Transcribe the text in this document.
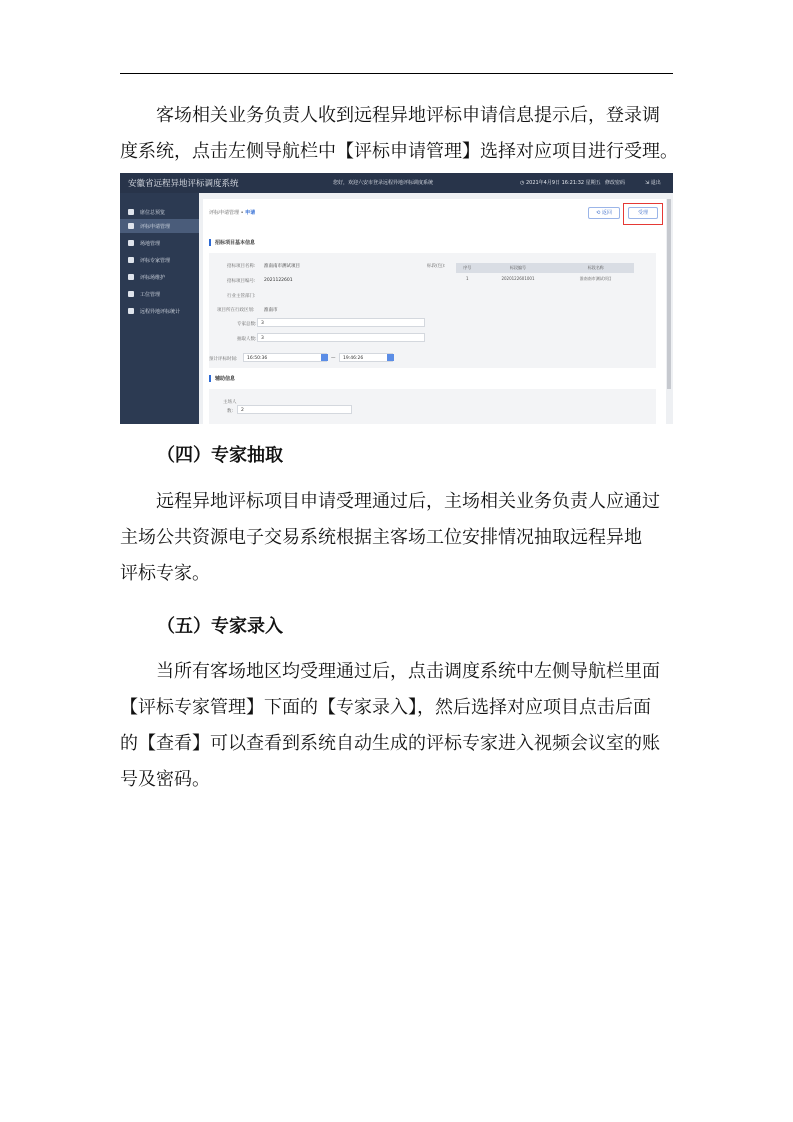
客场相关业务负责人收到远程异地评标申请信息提示后，登录调
度系统，点击左侧导航栏中【评标申请管理】选择对应项目进行受理。

安徽省远程异地评标调度系统	您好，欢迎六安市登录远程异地评标调度系统	◷ 2021年4月9日 16:21:32 星期五 修改密码	⇲ 退出
席位总预览
评标申请管理
场地管理
评标专家管理
评标场维护
工位管理
远程异地评标统计
评标申请管理 • 申请	⟲ 返回	受理
招标项目基本信息
招标项目名称: 淮南南市测试项目
招标项目编号: 2021122601
行业主管部门:
项目所在行政区划: 淮南市
专家总数: 3
抽取人数: 3
标段(包):
预计评标时间:	16:50:36	—	19:46:26
序号	标段编号	标段名称
1	2020122601001	淮南南市测试项目
辅助信息
主场人
数:	2
（四）专家抽取

远程异地评标项目申请受理通过后，主场相关业务负责人应通过
主场公共资源电子交易系统根据主客场工位安排情况抽取远程异地
评标专家。

（五）专家录入

当所有客场地区均受理通过后，点击调度系统中左侧导航栏里面
【评标专家管理】下面的【专家录入】，然后选择对应项目点击后面
的【查看】可以查看到系统自动生成的评标专家进入视频会议室的账
号及密码。
